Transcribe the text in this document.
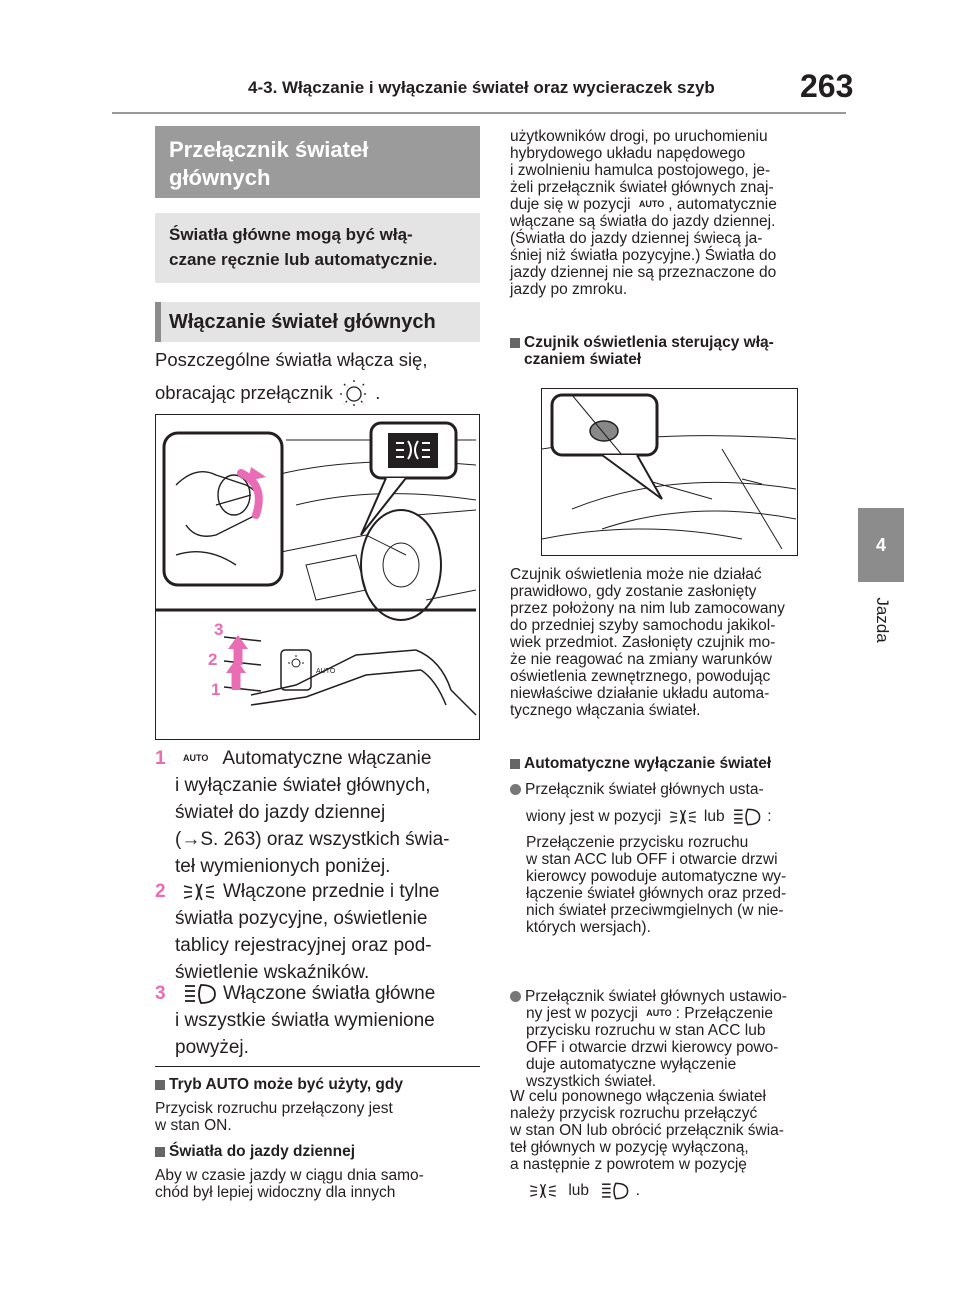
4-3. Włączanie i wyłączanie świateł oraz wycieraczek szyb	263
4
Jazda
Przełącznik świateł
głównych
Światła główne mogą być włą-
czane ręcznie lub automatycznie.
Włączanie świateł głównych
Poszczególne światła włącza się,
obracając przełącznik .
AUTO
3
2
1
1	AUTO Automatyczne włączanie
i wyłączanie świateł głównych,
świateł do jazdy dziennej
(→S. 263) oraz wszystkich świa-
teł wymienionych poniżej.
2	Włączone przednie i tylne
światła pozycyjne, oświetlenie
tablicy rejestracyjnej oraz pod-
świetlenie wskaźników.
3	Włączone światła główne
i wszystkie światła wymienione
powyżej.
Tryb AUTO może być użyty, gdy
Przycisk rozruchu przełączony jest
w stan ON.
Światła do jazdy dziennej
Aby w czasie jazdy w ciągu dnia samo-
chód był lepiej widoczny dla innych
użytkowników drogi, po uruchomieniu
hybrydowego układu napędowego
i zwolnieniu hamulca postojowego, je-
żeli przełącznik świateł głównych znaj-
duje się w pozycji AUTO , automatycznie
włączane są światła do jazdy dziennej.
(Światła do jazdy dziennej świecą ja-
śniej niż światła pozycyjne.) Światła do
jazdy dziennej nie są przeznaczone do
jazdy po zmroku.
Czujnik oświetlenia sterujący włą-
czaniem świateł
Czujnik oświetlenia może nie działać
prawidłowo, gdy zostanie zasłonięty
przez położony na nim lub zamocowany
do przedniej szyby samochodu jakikol-
wiek przedmiot. Zasłonięty czujnik mo-
że nie reagować na zmiany warunków
oświetlenia zewnętrznego, powodując
niewłaściwe działanie układu automa-
tycznego włączania świateł.
Automatyczne wyłączanie świateł
Przełącznik świateł głównych usta-
wiony jest w pozycji	lub	:
Przełączenie przycisku rozruchu
w stan ACC lub OFF i otwarcie drzwi
kierowcy powoduje automatyczne wy-
łączenie świateł głównych oraz przed-
nich świateł przeciwmgielnych (w nie-
których wersjach).
Przełącznik świateł głównych ustawio-
ny jest w pozycji AUTO : Przełączenie
przycisku rozruchu w stan ACC lub
OFF i otwarcie drzwi kierowcy powo-
duje automatyczne wyłączenie
wszystkich świateł.
W celu ponownego włączenia świateł
należy przycisk rozruchu przełączyć
w stan ON lub obrócić przełącznik świa-
teł głównych w pozycję wyłączoną,
a następnie z powrotem w pozycję
lub	.
